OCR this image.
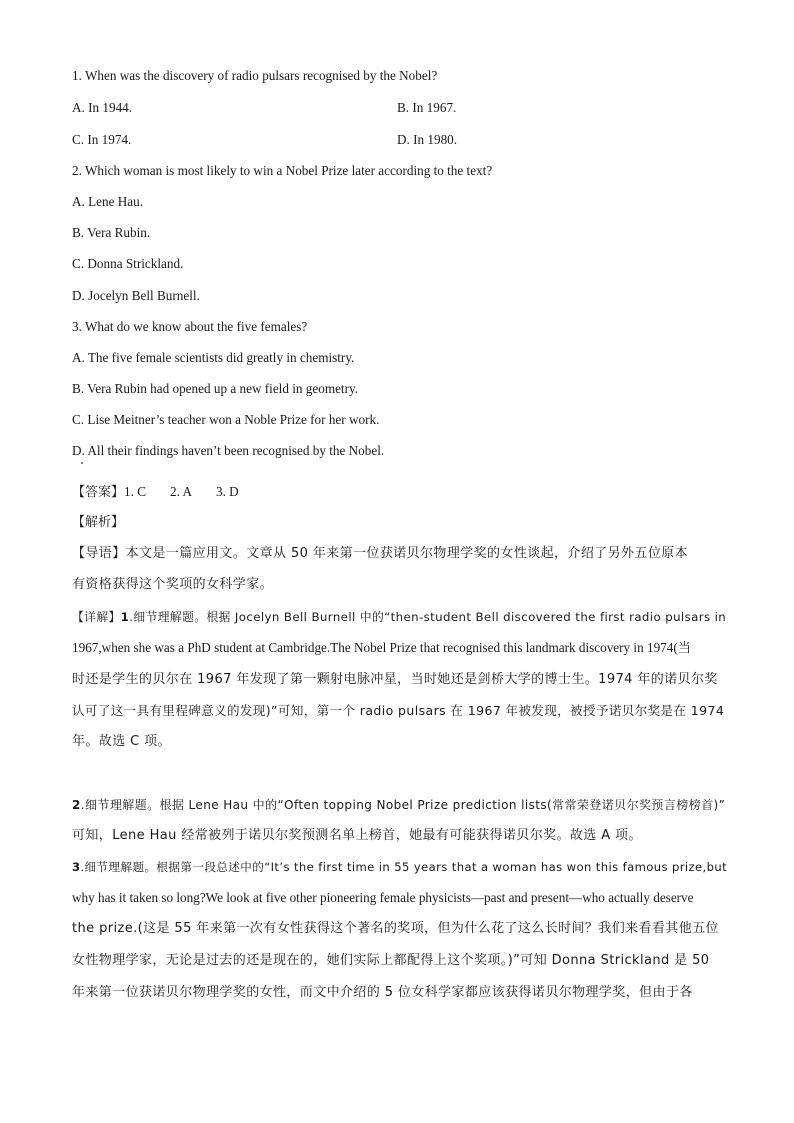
1. When was the discovery of radio pulsars recognised by the Nobel?
A. In 1944.	B. In 1967.
C. In 1974.	D. In 1980.
2. Which woman is most likely to win a Nobel Prize later according to the text?
A. Lene Hau.
B. Vera Rubin.
C. Donna Strickland.
D. Jocelyn Bell Burnell.
3. What do we know about the five females?
A. The five female scientists did greatly in chemistry.
B. Vera Rubin had opened up a new field in geometry.
C. Lise Meitner’s teacher won a Noble Prize for her work.
D. All their findings haven’t been recognised by the Nobel.
【答案】1. C 2. A 3. D
【解析】
【导语】本文是一篇应用文。文章从 50 年来第一位获诺贝尔物理学奖的女性谈起，介绍了另外五位原本
有资格获得这个奖项的女科学家。
【详解】1.细节理解题。根据 Jocelyn Bell Burnell 中的“then-student Bell discovered the first radio pulsars in
1967,when she was a PhD student at Cambridge.The Nobel Prize that recognised this landmark discovery in 1974(当
时还是学生的贝尔在 1967 年发现了第一颗射电脉冲星，当时她还是剑桥大学的博士生。1974 年的诺贝尔奖
认可了这一具有里程碑意义的发现)”可知，第一个 radio pulsars 在 1967 年被发现，被授予诺贝尔奖是在 1974
年。故选 C 项。
2.细节理解题。根据 Lene Hau 中的“Often topping Nobel Prize prediction lists(常常荣登诺贝尔奖预言榜榜首)”
可知，Lene Hau 经常被列于诺贝尔奖预测名单上榜首，她最有可能获得诺贝尔奖。故选 A 项。
3.细节理解题。根据第一段总述中的“It’s the first time in 55 years that a woman has won this famous prize,but
why has it taken so long?We look at five other pioneering female physicists—past and present—who actually deserve
the prize.(这是 55 年来第一次有女性获得这个著名的奖项，但为什么花了这么长时间？我们来看看其他五位
女性物理学家，无论是过去的还是现在的，她们实际上都配得上这个奖项。)”可知 Donna Strickland 是 50
年来第一位获诺贝尔物理学奖的女性，而文中介绍的 5 位女科学家都应该获得诺贝尔物理学奖，但由于各
